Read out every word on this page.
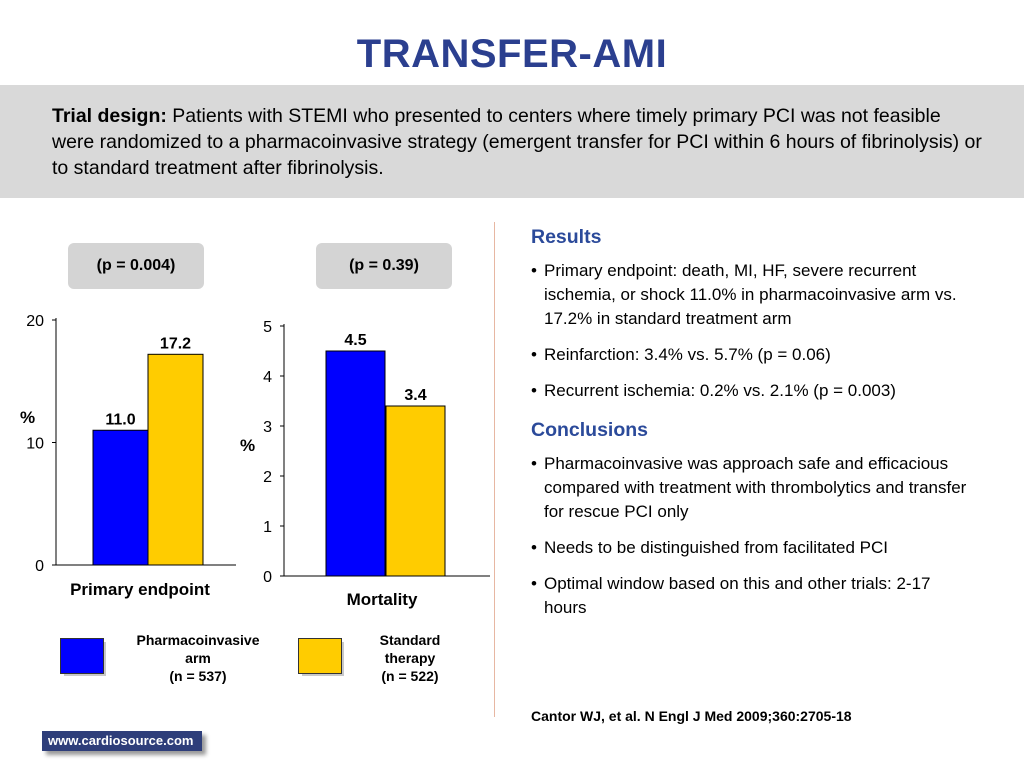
TRANSFER-AMI
Trial design: Patients with STEMI who presented to centers where timely primary PCI was not feasible were randomized to a pharmacoinvasive strategy (emergent transfer for PCI within 6 hours of fibrinolysis) or to standard treatment after fibrinolysis.
(p = 0.004)	(p = 0.39)
11.0
17.2
0
10
20
%
Primary endpoint
4.5
3.4
0
1
2
3
4
5
%
Mortality
Pharmacoinvasive
arm
(n = 537)
Standard
therapy
(n = 522)
Results
• Primary endpoint: death, MI, HF, severe recurrent ischemia, or shock 11.0% in pharmacoinvasive arm vs. 17.2% in standard treatment arm
• Reinfarction: 3.4% vs. 5.7% (p = 0.06)
• Recurrent ischemia: 0.2% vs. 2.1% (p = 0.003)
Conclusions
• Pharmacoinvasive was approach safe and efficacious compared with treatment with thrombolytics and transfer for rescue PCI only
• Needs to be distinguished from facilitated PCI
• Optimal window based on this and other trials: 2-17 hours
Cantor WJ, et al. N Engl J Med 2009;360:2705-18
www.cardiosource.com
